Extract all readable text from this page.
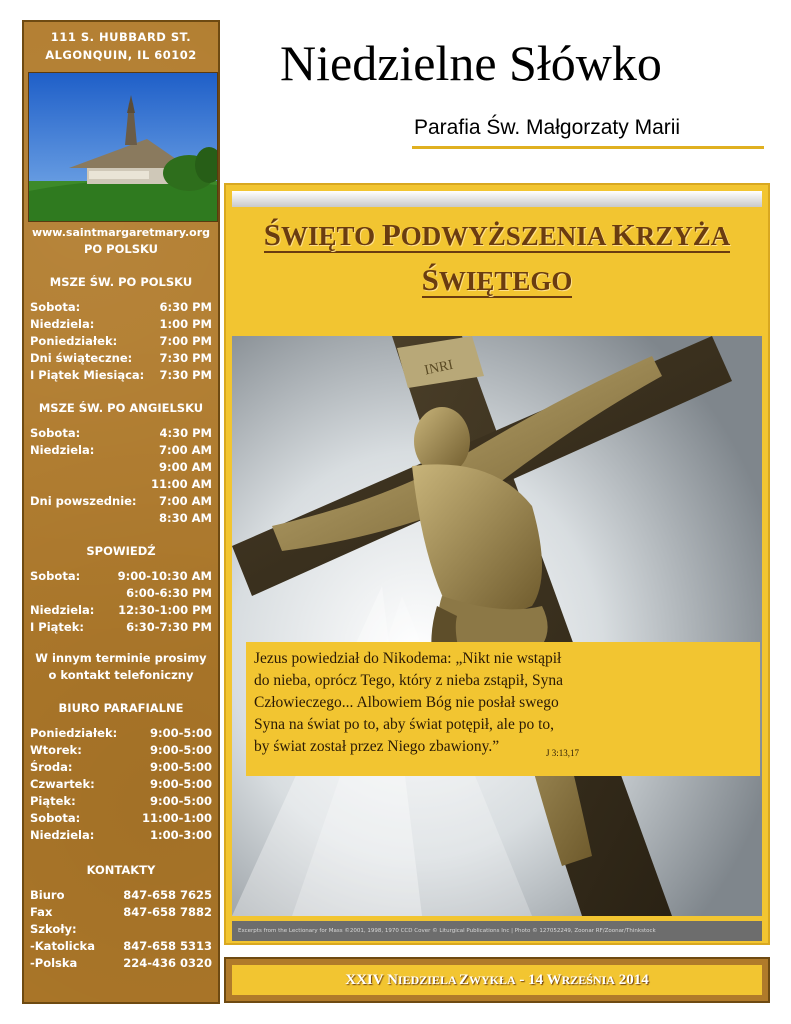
111 S. HUBBARD ST.
ALGONQUIN, IL 60102
www.saintmargaretmary.org
PO POLSKU
MSZE ŚW. PO POLSKU
Sobota:	6:30 PM
Niedziela:	1:00 PM
Poniedziałek:	7:00 PM
Dni świąteczne: 7:30 PM
I Piątek Miesiąca: 7:30 PM
MSZE ŚW. PO ANGIELSKU
Sobota:	4:30 PM
Niedziela:	7:00 AM
9:00 AM
11:00 AM
Dni powszednie: 7:00 AM
8:30 AM
SPOWIEDŹ
Sobota:	9:00-10:30 AM
6:00-6:30 PM
Niedziela: 12:30-1:00 PM
I Piątek:	6:30-7:30 PM
W innym terminie prosimy
o kontakt telefoniczny
BIURO PARAFIALNE
Poniedziałek:	9:00-5:00
Wtorek:	9:00-5:00
Środa:	9:00-5:00
Czwartek:	9:00-5:00
Piątek:	9:00-5:00
Sobota:	11:00-1:00
Niedziela:	1:00-3:00
KONTAKTY
Biuro	847-658 7625
Fax	847-658 7882
Szkoły:
-Katolicka 847-658 5313
-Polska	224-436 0320
Niedzielne Słówko
Parafia Św. Małgorzaty Marii
ŚWIĘTO PODWYŻSZENIA KRZYŻA
ŚWIĘTEGO
INRI
Jezus powiedział do Nikodema: „Nikt nie wstąpił
do nieba, oprócz Tego, który z nieba zstąpił, Syna
Człowieczego... Albowiem Bóg nie posłał swego
Syna na świat po to, aby świat potępił, ale po to,
by świat został przez Niego zbawiony.”	J 3:13,17
Excerpts from the Lectionary for Mass ©2001, 1998, 1970 CCD Cover © Liturgical Publications Inc | Photo © 127052249, Zoonar RF/Zoonar/Thinkstock
XXIV NIEDZIELA ZWYKŁA - 14 WRZEŚNIA 2014
